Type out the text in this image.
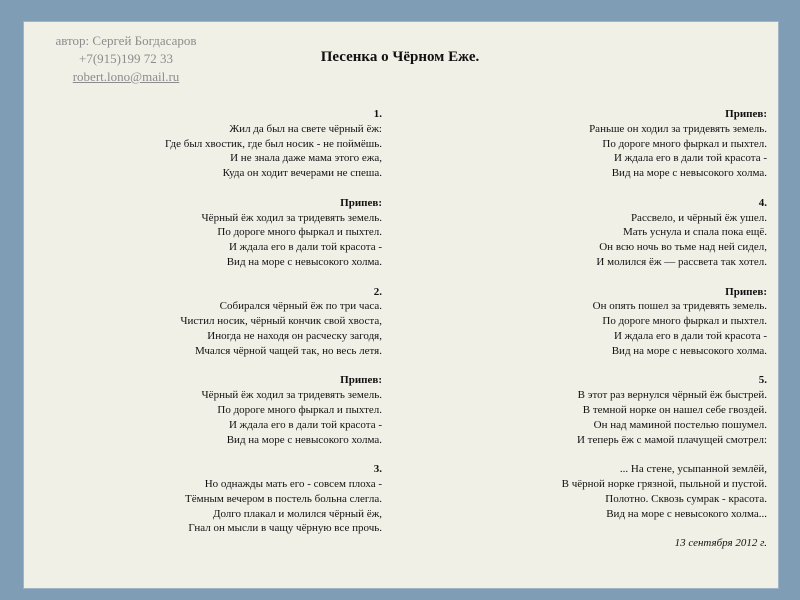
автор: Сергей Богдасаров
+7(915)199 72 33
robert.lono@mail.ru
Песенка о Чёрном Еже.
1.
Жил да был на свете чёрный ёж:
Где был хвостик, где был носик - не поймёшь.
И не знала даже мама этого ежа,
Куда он ходит вечерами не спеша.
Припев:
Чёрный ёж ходил за тридевять земель.
По дороге много фыркал и пыхтел.
И ждала его в дали той красота -
Вид на море с невысокого холма.
2.
Собирался чёрный ёж по три часа.
Чистил носик, чёрный кончик свой хвоста,
Иногда не находя он расческу загодя,
Мчался чёрной чащей так, но весь летя.
Припев:
Чёрный ёж ходил за тридевять земель.
По дороге много фыркал и пыхтел.
И ждала его в дали той красота -
Вид на море с невысокого холма.
3.
Но однажды мать его - совсем плоха -
Тёмным вечером в постель больна слегла.
Долго плакал и молился чёрный ёж,
Гнал он мысли в чащу чёрную все прочь.
Припев:
Раньше он ходил за тридевять земель.
По дороге много фыркал и пыхтел.
И ждала его в дали той красота -
Вид на море с невысокого холма.
4.
Рассвело, и чёрный ёж ушел.
Мать уснула и спала пока ещё.
Он всю ночь во тьме над ней сидел,
И молился ёж — рассвета так хотел.
Припев:
Он опять пошел за тридевять земель.
По дороге много фыркал и пыхтел.
И ждала его в дали той красота -
Вид на море с невысокого холма.
5.
В этот раз вернулся чёрный ёж быстрей.
В темной норке он нашел себе гвоздей.
Он над маминой постелью пошумел.
И теперь ёж с мамой плачущей смотрел:
... На стене, усыпанной землёй,
В чёрной норке грязной, пыльной и пустой.
Полотно. Сквозь сумрак - красота.
Вид на море с невысокого холма...
13 сентября 2012 г.
